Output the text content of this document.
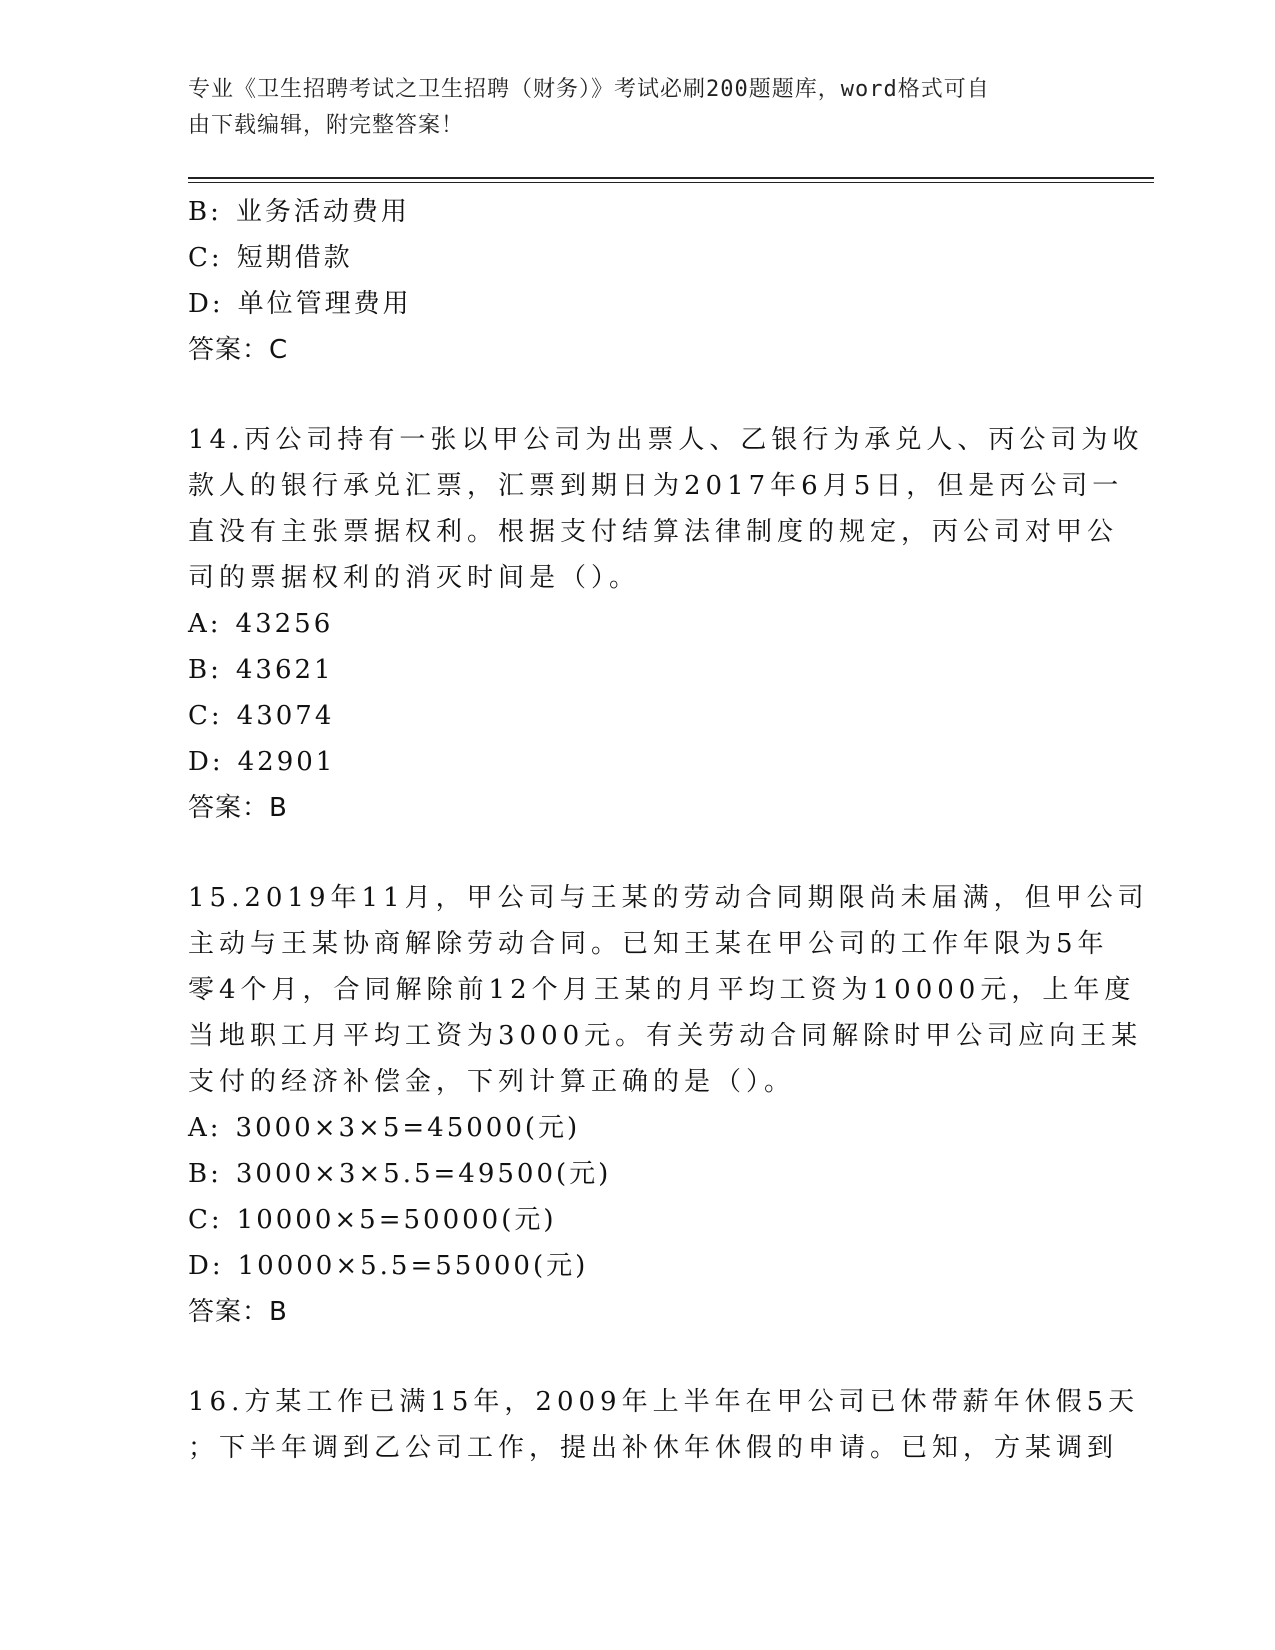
专业《卫生招聘考试之卫生招聘（财务）》考试必刷200题题库，word格式可自
由下载编辑，附完整答案！
B: 业务活动费用
C: 短期借款
D: 单位管理费用
答案：C
14.丙公司持有一张以甲公司为出票人、乙银行为承兑人、丙公司为收
款人的银行承兑汇票，汇票到期日为2017年6月5日，但是丙公司一
直没有主张票据权利。根据支付结算法律制度的规定，丙公司对甲公
司的票据权利的消灭时间是（）。
A: 43256
B: 43621
C: 43074
D: 42901
答案：B
15.2019年11月，甲公司与王某的劳动合同期限尚未届满，但甲公司
主动与王某协商解除劳动合同。已知王某在甲公司的工作年限为5年
零4个月，合同解除前12个月王某的月平均工资为10000元，上年度
当地职工月平均工资为3000元。有关劳动合同解除时甲公司应向王某
支付的经济补偿金，下列计算正确的是（）。
A: 3000×3×5=45000(元)
B: 3000×3×5.5=49500(元)
C: 10000×5=50000(元)
D: 10000×5.5=55000(元)
答案：B
16.方某工作已满15年，2009年上半年在甲公司已休带薪年休假5天
；下半年调到乙公司工作，提出补休年休假的申请。已知，方某调到
